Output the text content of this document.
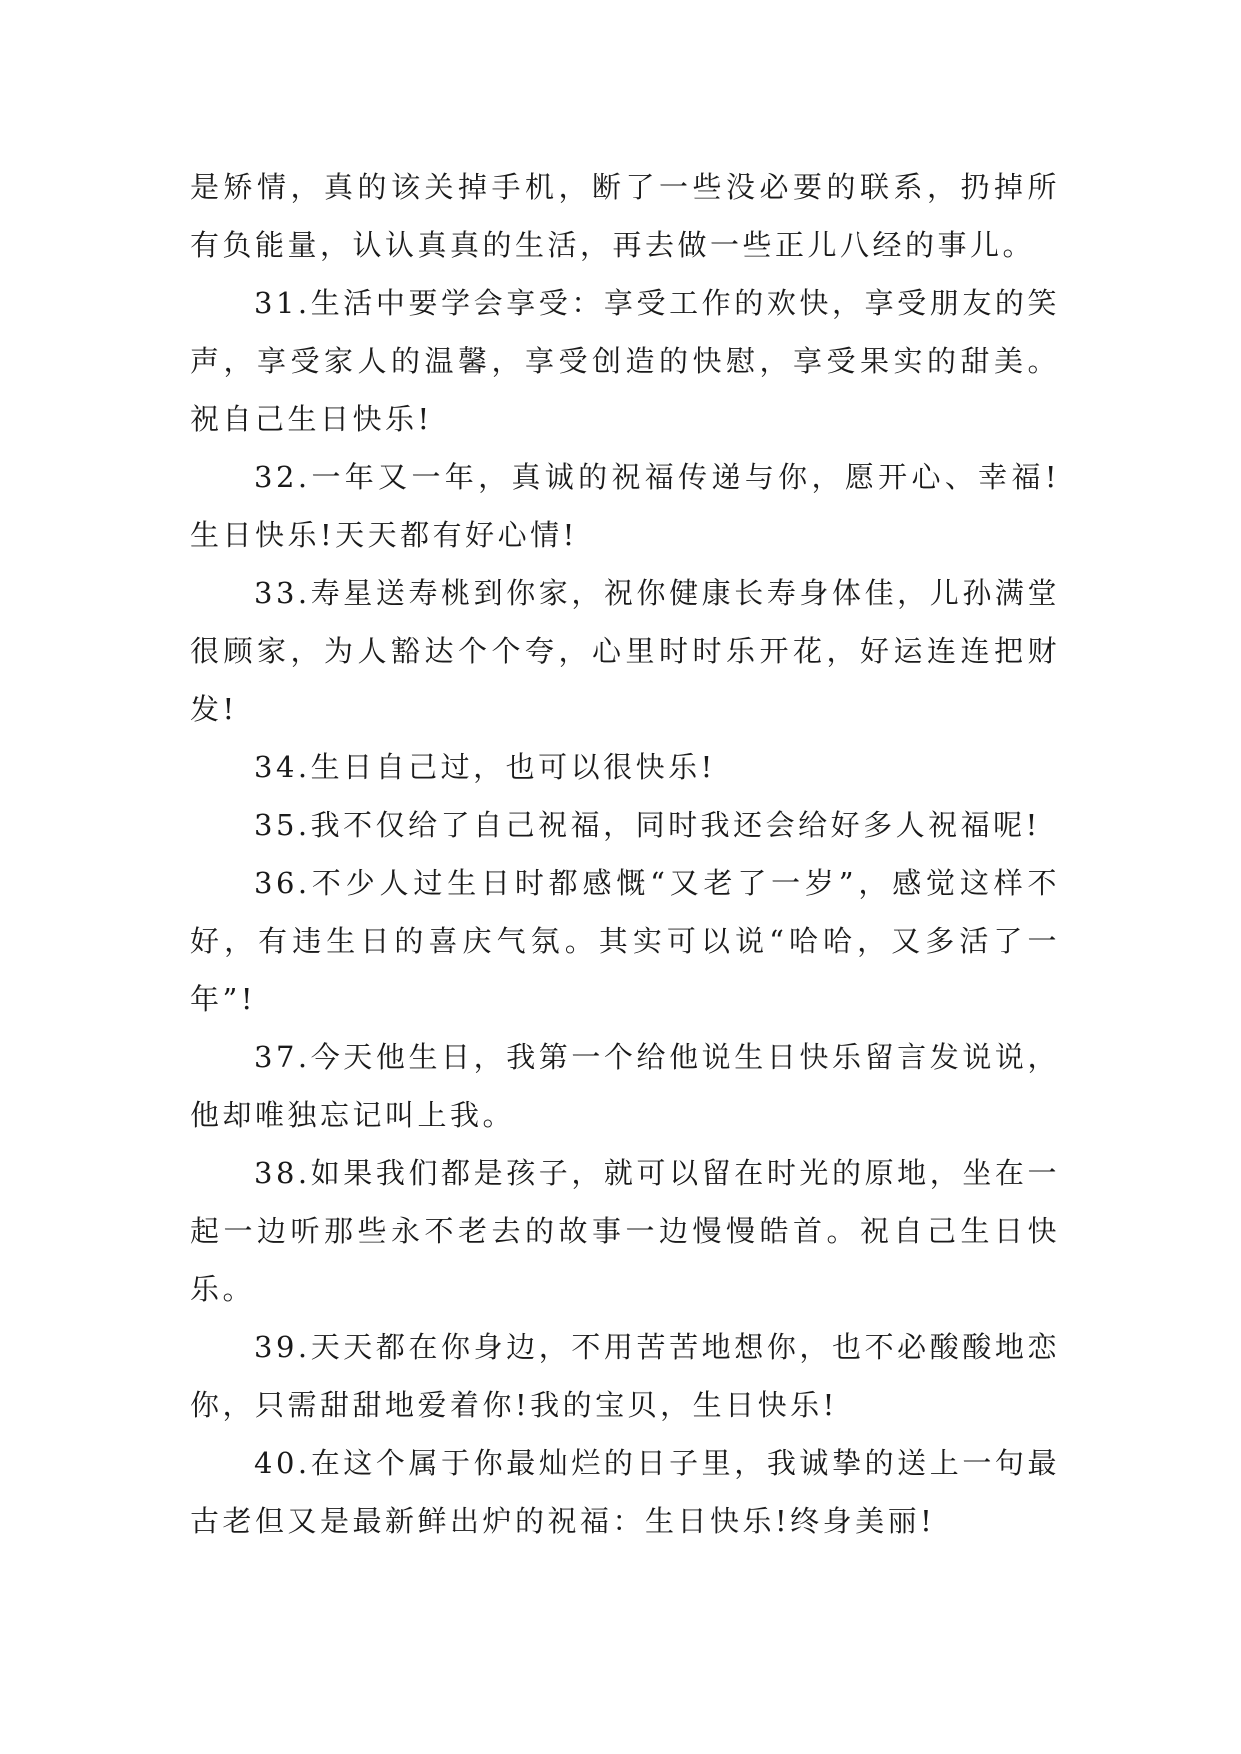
是矫情，真的该关掉手机，断了一些没必要的联系，扔掉所有负能量，认认真真的生活，再去做一些正儿八经的事儿。

31.生活中要学会享受：享受工作的欢快，享受朋友的笑声，享受家人的温馨，享受创造的快慰，享受果实的甜美。祝自己生日快乐!

32.一年又一年，真诚的祝福传递与你，愿开心、幸福!生日快乐!天天都有好心情!

33.寿星送寿桃到你家，祝你健康长寿身体佳，儿孙满堂很顾家，为人豁达个个夸，心里时时乐开花，好运连连把财发!

34.生日自己过，也可以很快乐!

35.我不仅给了自己祝福，同时我还会给好多人祝福呢!

36.不少人过生日时都感慨“又老了一岁”，感觉这样不好，有违生日的喜庆气氛。其实可以说“哈哈，又多活了一年”!

37.今天他生日，我第一个给他说生日快乐留言发说说，他却唯独忘记叫上我。

38.如果我们都是孩子，就可以留在时光的原地，坐在一起一边听那些永不老去的故事一边慢慢皓首。祝自己生日快乐。

39.天天都在你身边，不用苦苦地想你，也不必酸酸地恋你，只需甜甜地爱着你!我的宝贝，生日快乐!

40.在这个属于你最灿烂的日子里，我诚挚的送上一句最古老但又是最新鲜出炉的祝福：生日快乐!终身美丽!
